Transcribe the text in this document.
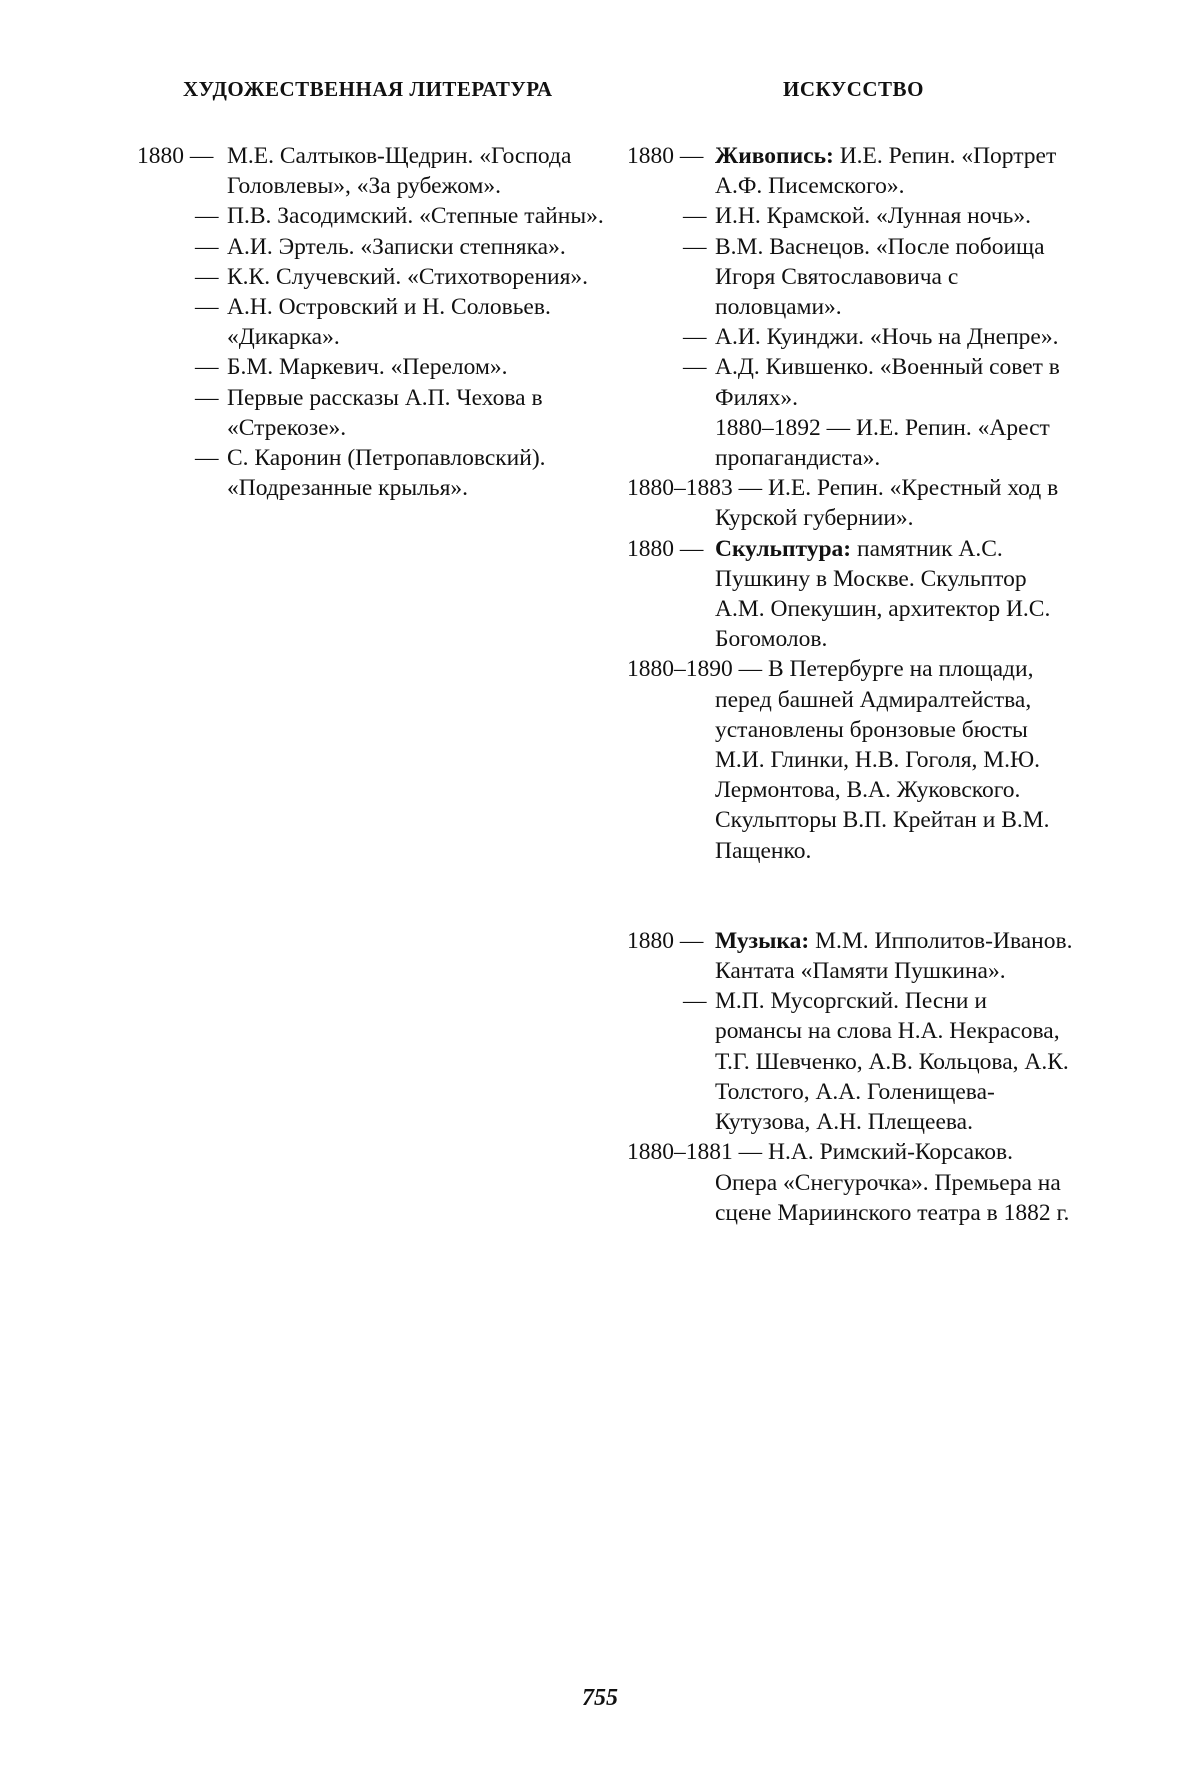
ХУДОЖЕСТВЕННАЯ ЛИТЕРАТУРА	ИСКУССТВО
1880 — М.Е. Салтыков-Щедрин. «Господа Головлевы», «За рубежом».
— П.В. Засодимский. «Степные тайны».
— А.И. Эртель. «Записки степняка».
— К.К. Случевский. «Стихотворения».
— А.Н. Островский и Н. Соловьев. «Дикарка».
— Б.М. Маркевич. «Перелом».
— Первые рассказы А.П. Чехова в «Стрекозе».
— С. Каронин (Петропавловский). «Подрезанные крылья».
1880 — Живопись: И.Е. Репин. «Портрет А.Ф. Писемского».
— И.Н. Крамской. «Лунная ночь».
— В.М. Васнецов. «После побоища Игоря Святославовича с половцами».
— А.И. Куинджи. «Ночь на Днепре».
— А.Д. Кившенко. «Военный совет в Филях».
1880–1892 — И.Е. Репин. «Арест пропагандиста».
1880–1883 — И.Е. Репин. «Крестный ход в Курской губернии».
1880 — Скульптура: памятник А.С. Пушкину в Москве. Скульптор А.М. Опекушин, архитектор И.С. Богомолов.
1880–1890 — В Петербурге на площади, перед башней Адмиралтейства, установлены бронзовые бюсты М.И. Глинки, Н.В. Гоголя, М.Ю. Лермонтова, В.А. Жуковского. Скульпторы В.П. Крейтан и В.М. Пащенко.
1880 — Музыка: М.М. Ипполитов-Иванов. Кантата «Памяти Пушкина».
— М.П. Мусоргский. Песни и романсы на слова Н.А. Некрасова, Т.Г. Шевченко, А.В. Кольцова, А.К. Толстого, А.А. Голенищева-Кутузова, А.Н. Плещеева.
1880–1881 — Н.А. Римский-Корсаков. Опера «Снегурочка». Премьера на сцене Мариинского театра в 1882 г.
755
